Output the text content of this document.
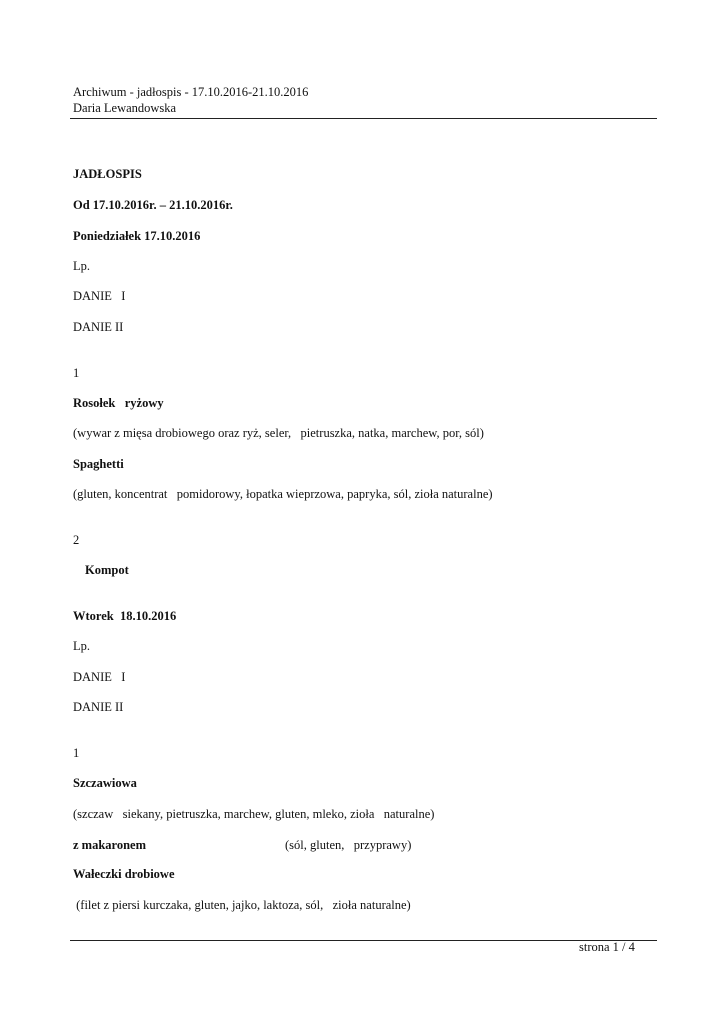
Archiwum - jadłospis - 17.10.2016-21.10.2016
Daria Lewandowska
JADŁOSPIS
Od 17.10.2016r. – 21.10.2016r.
Poniedziałek 17.10.2016
Lp.
DANIE   I
DANIE II
1
Rosołek   ryżowy
(wywar z mięsa drobiowego oraz ryż, seler,   pietruszka, natka, marchew, por, sól)
Spaghetti
(gluten, koncentrat   pomidorowy, łopatka wieprzowa, papryka, sól, zioła naturalne)
2
Kompot
Wtorek  18.10.2016
Lp.
DANIE   I
DANIE II
1
Szczawiowa
(szczaw   siekany, pietruszka, marchew, gluten, mleko, zioła   naturalne)
z makaronem	(sól, gluten,   przyprawy)
Wałeczki drobiowe
(filet z piersi kurczaka, gluten, jajko, laktoza, sól,   zioła naturalne)
strona 1 / 4
